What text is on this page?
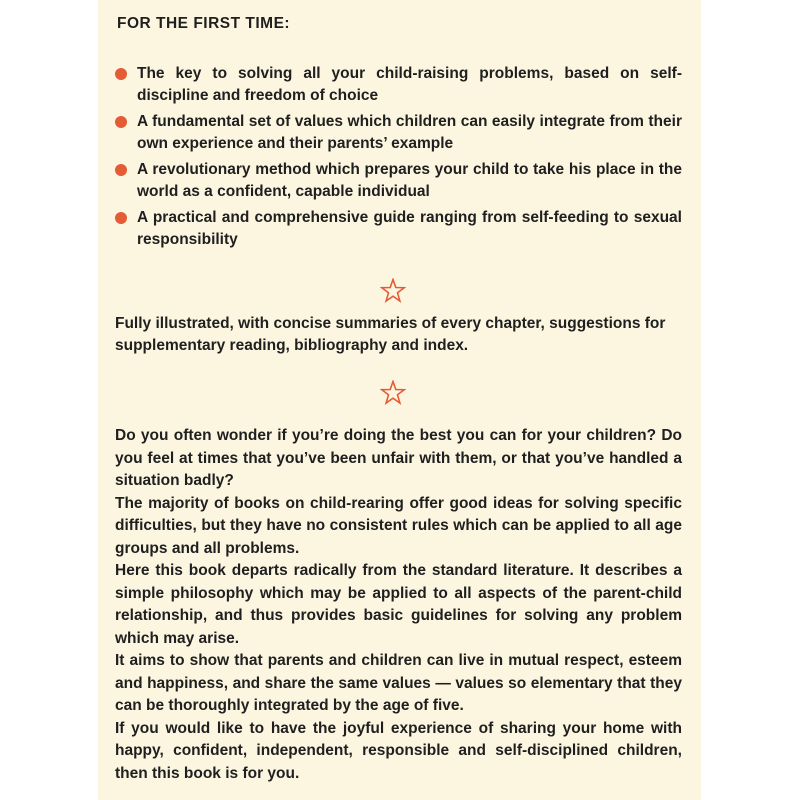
FOR THE FIRST TIME:
The key to solving all your child-raising problems, based on self-discipline and freedom of choice
A fundamental set of values which children can easily integrate from their own experience and their parents’ example
A revolutionary method which prepares your child to take his place in the world as a confident, capable individual
A practical and comprehensive guide ranging from self-feeding to sexual responsibility

Fully illustrated, with concise summaries of every chapter, suggestions for supplementary reading, bibliography and index.

Do you often wonder if you’re doing the best you can for your children? Do you feel at times that you’ve been unfair with them, or that you’ve handled a situation badly?

The majority of books on child-rearing offer good ideas for solving specific difficulties, but they have no consistent rules which can be applied to all age groups and all problems.

Here this book departs radically from the standard literature. It describes a simple philosophy which may be applied to all aspects of the parent-child relationship, and thus provides basic guidelines for solving any problem which may arise.

It aims to show that parents and children can live in mutual respect, esteem and happiness, and share the same values — values so elementary that they can be thoroughly integrated by the age of five.

If you would like to have the joyful experience of sharing your home with happy, confident, independent, responsible and self-disciplined children, then this book is for you.
